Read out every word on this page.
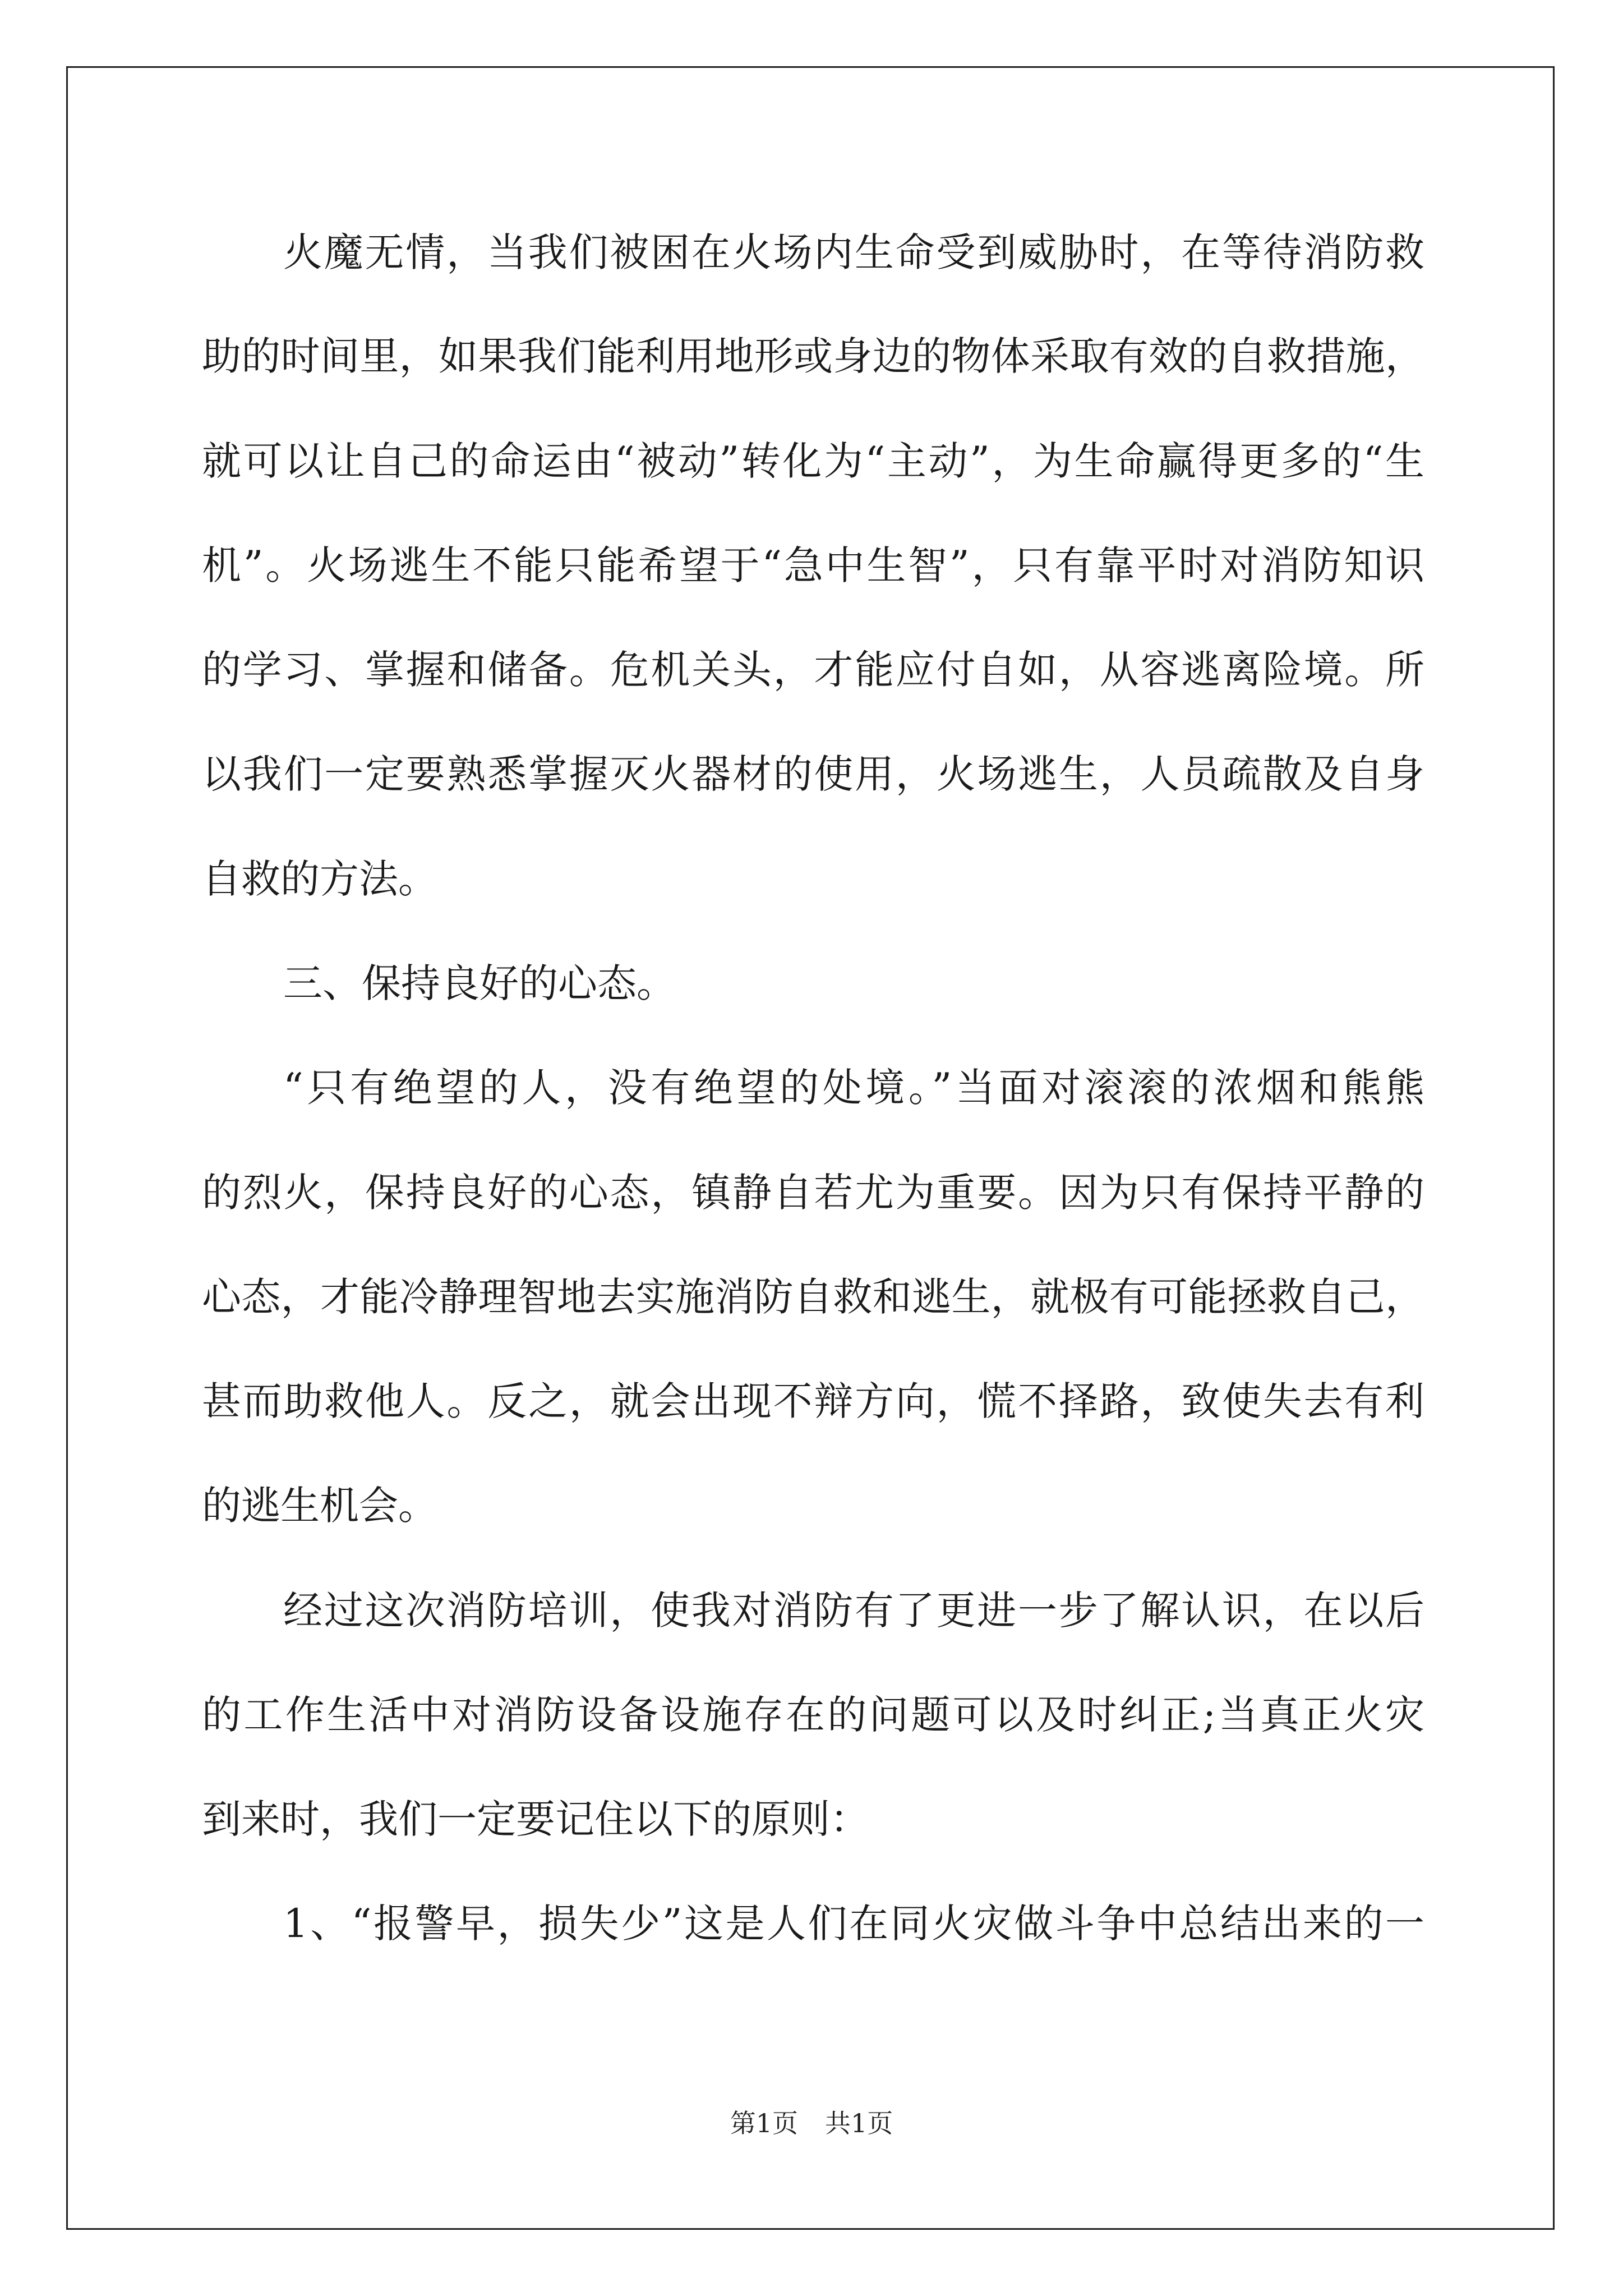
火魔无情，当我们被困在火场内生命受到威胁时，在等待消防救
助的时间里，如果我们能利用地形或身边的物体采取有效的自救措施，
就可以让自己的命运由“被动”转化为“主动”，为生命赢得更多的“生
机”。火场逃生不能只能希望于“急中生智”，只有靠平时对消防知识
的学习、掌握和储备。危机关头，才能应付自如，从容逃离险境。所
以我们一定要熟悉掌握灭火器材的使用，火场逃生，人员疏散及自身
自救的方法。
三、保持良好的心态。
“只有绝望的人，没有绝望的处境。”当面对滚滚的浓烟和熊熊
的烈火，保持良好的心态，镇静自若尤为重要。因为只有保持平静的
心态，才能冷静理智地去实施消防自救和逃生，就极有可能拯救自己，
甚而助救他人。反之，就会出现不辩方向，慌不择路，致使失去有利
的逃生机会。
经过这次消防培训，使我对消防有了更进一步了解认识，在以后
的工作生活中对消防设备设施存在的问题可以及时纠正;当真正火灾
到来时，我们一定要记住以下的原则：
1、“报警早，损失少”这是人们在同火灾做斗争中总结出来的一
第1页 共1页
